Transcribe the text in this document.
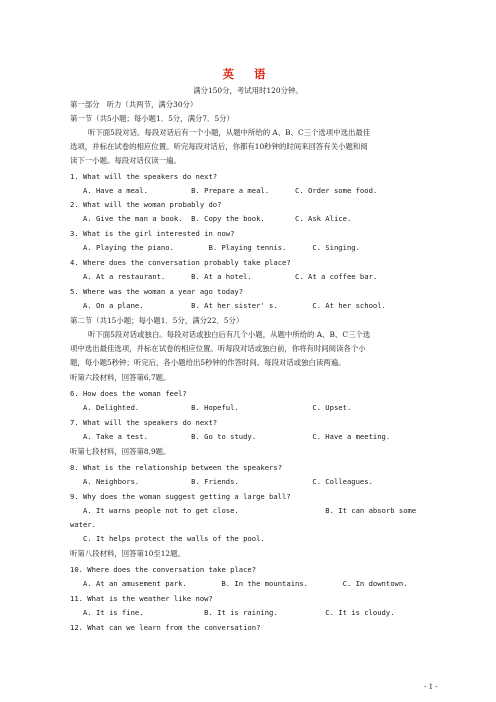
英 语
满分150分，考试用时120分钟。
第一部分   听力（共两节，满分30分）
第一节（共5小题；每小题1．5分，满分7．5分）
听下面5段对话。每段对话后有一个小题，从题中所给的 A、B、C三个选项中选出最佳
选项，并标在试卷的相应位置。听完每段对话后，你都有10秒钟的时间来回答有关小题和阅
读下一小题。每段对话仅读一遍。
1. What will the speakers do next?
A. Have a meal.          B. Prepare a meal.      C. Order some food.
2. What will the woman probably do?
A. Give the man a book.  B. Copy the book.       C. Ask Alice.
3. What is the girl interested in now?
A. Playing the piano.        B. Playing tennis.      C. Singing.
4. Where does the conversation probably take place?
A. At a restaurant.      B. At a hotel.          C. At a coffee bar.
5. Where was the woman a year ago today?
A. On a plane.           B. At her sister' s.        C. At her school.
第二节（共15小题；每小题1．5分，满分22．5分）
听下面5段对话或独白。每段对话或独白后有几个小题，从题中所给的 A、B、C三个选
项中选出最佳选项，并标在试卷的相应位置。听每段对话或独白前，你将有时间阅读各个小
题，每小题5秒钟；听完后，各小题给出5秒钟的作答时间。每段对话或独白读两遍。
听第六段材料，回答第6,7题。
6. How does the woman feel?
A. Delighted.            B. Hopeful.                 C. Upset.
7. What will the speakers do next?
A. Take a test.          B. Go to study.             C. Have a meeting.
听第七段材料，回答第8,9题。
8. What is the relationship between the speakers?
A. Neighbors.            B. Friends.                 C. Colleagues.
9. Why does the woman suggest getting a large ball?
A. It warns people not to get close.                    B. It can absorb some
water.
C. It helps protect the walls of the pool.
听第八段材料，回答第10至12题。
10. Where does the conversation take place?
A. At an amusement park.        B. In the mountains.        C. In downtown.
11. What is the weather like now?
A. It is fine.              B. It is raining.           C. It is cloudy.
12. What can we learn from the conversation?
- 1 -
